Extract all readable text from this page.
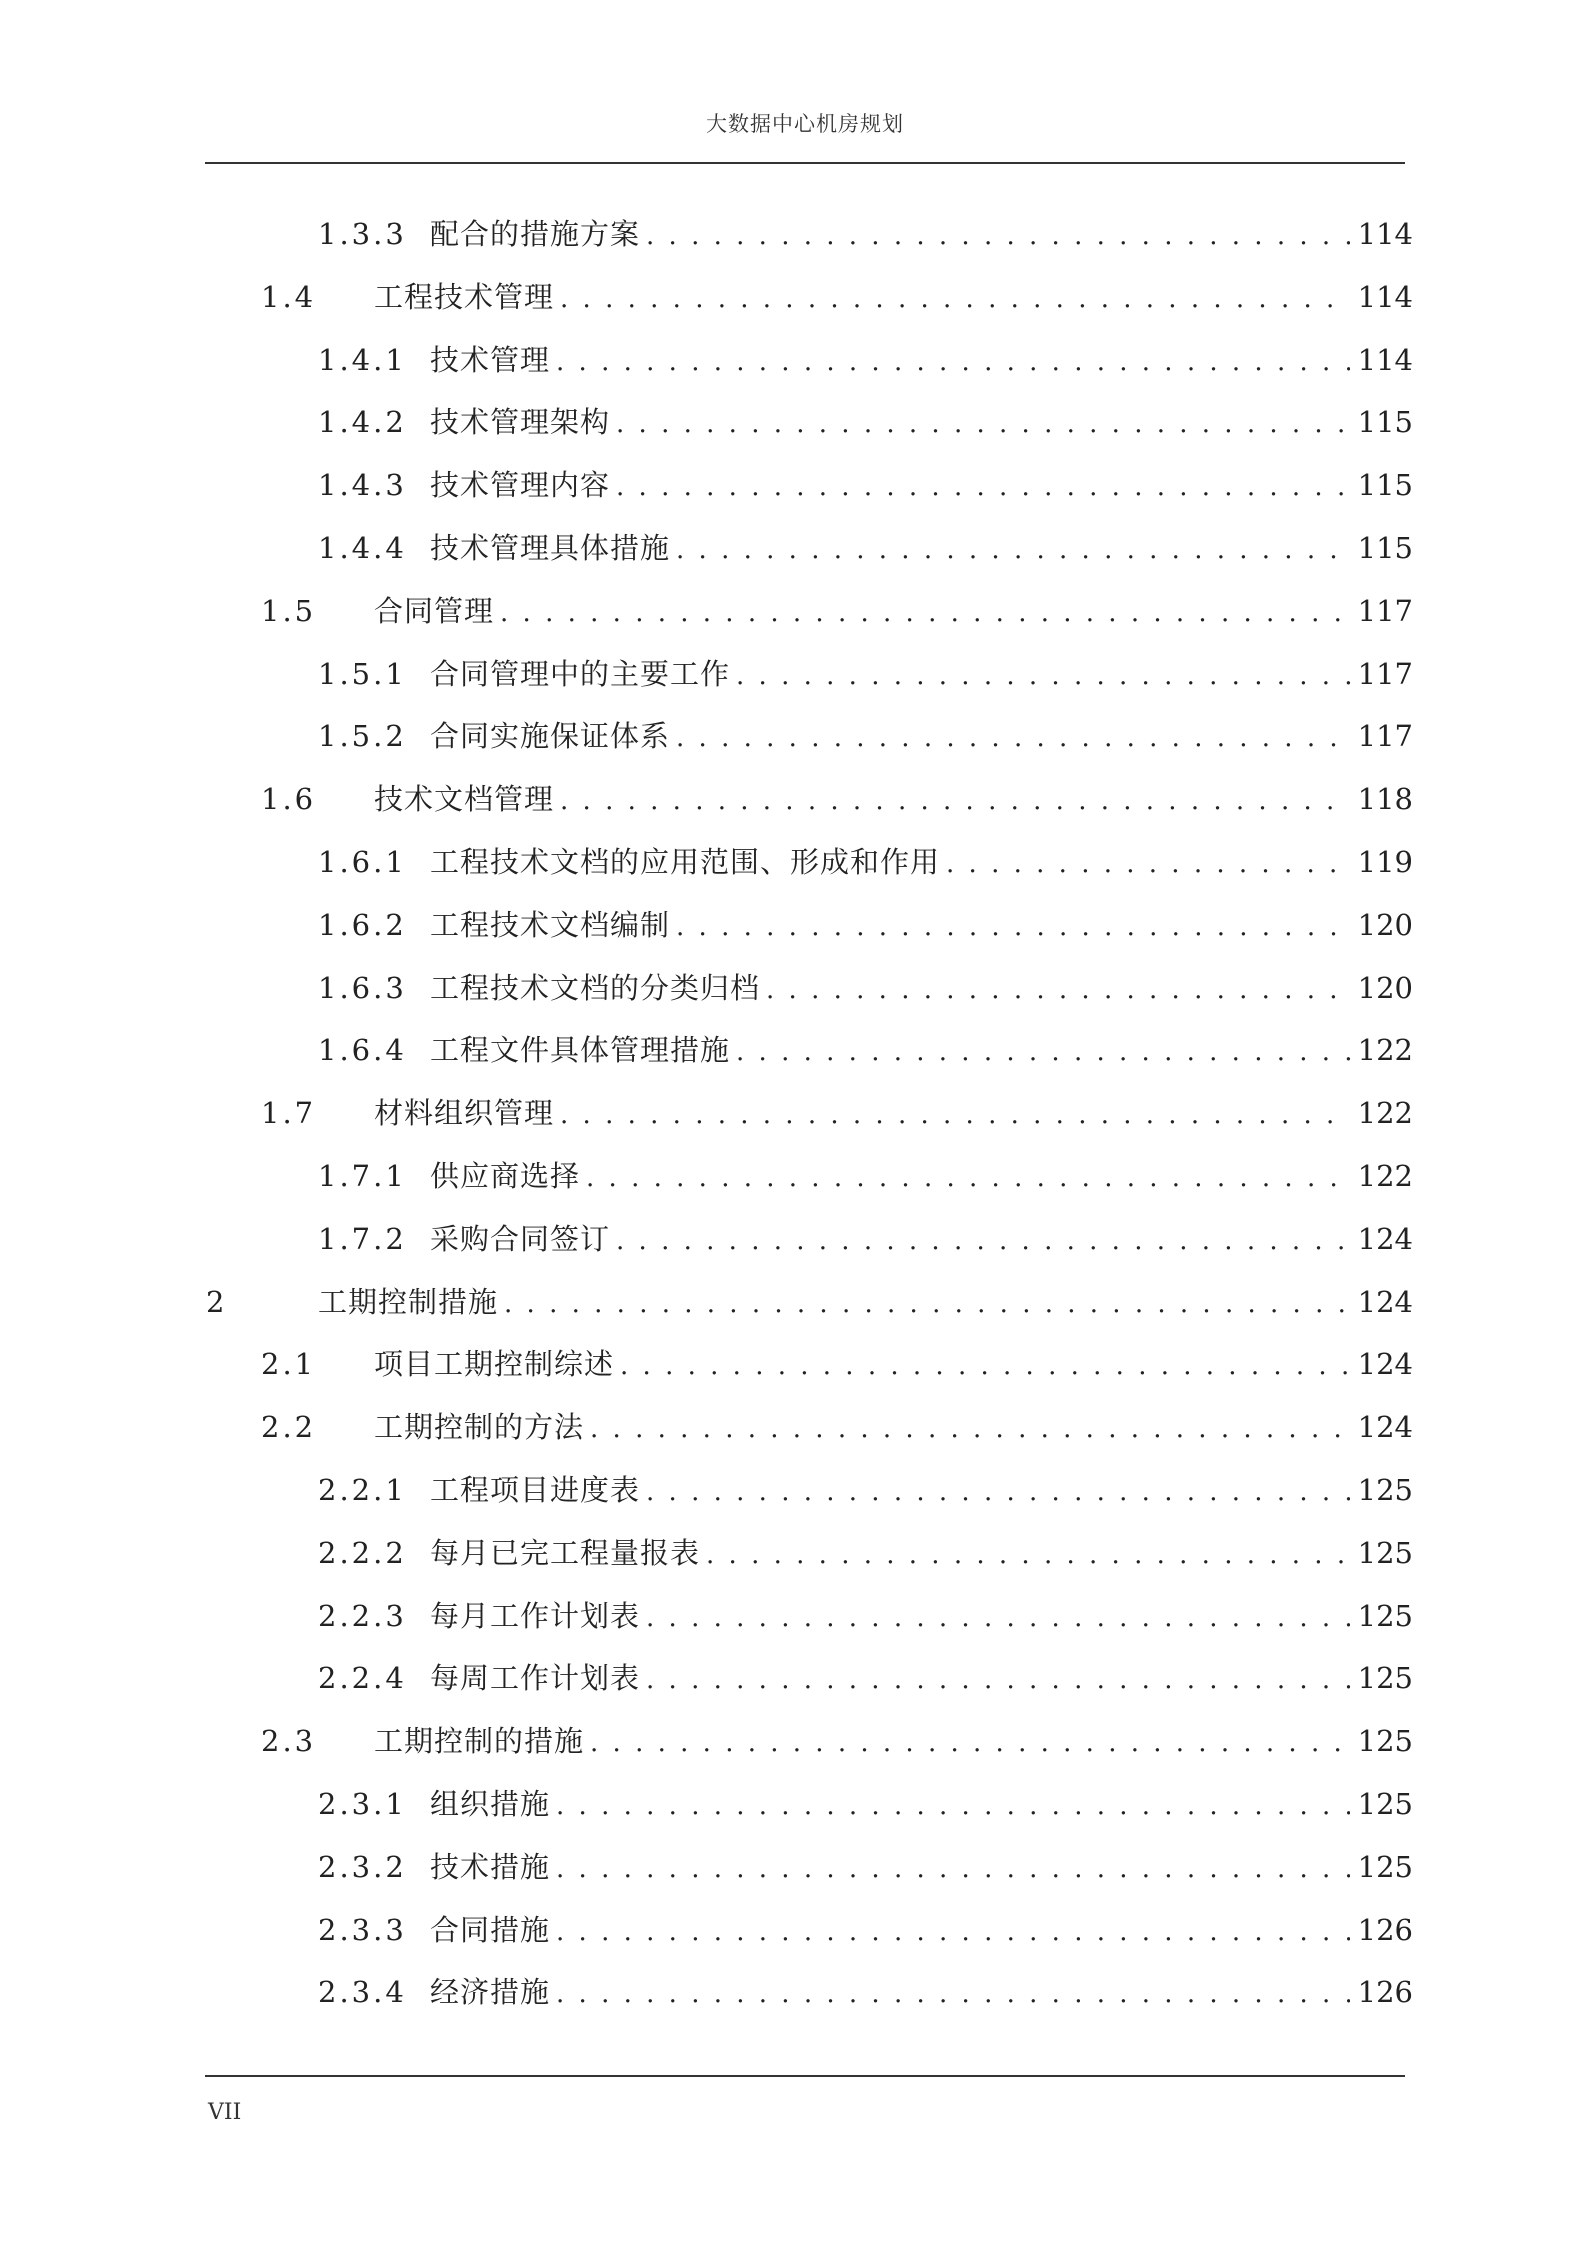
大数据中心机房规划
1.3.3 配合的措施方案 . . .	114
1.4 工程技术管理 . . .	114
1.4.1 技术管理 . . .	114
1.4.2 技术管理架构 . . .	115
1.4.3 技术管理内容 . . .	115
1.4.4 技术管理具体措施 . . .	115
1.5 合同管理 . . .	117
1.5.1 合同管理中的主要工作 . . .	117
1.5.2 合同实施保证体系 . . .	117
1.6 技术文档管理 . . .	118
1.6.1 工程技术文档的应用范围、形成和作用 . . .	119
1.6.2 工程技术文档编制 . . .	120
1.6.3 工程技术文档的分类归档 . . .	120
1.6.4 工程文件具体管理措施 . . .	122
1.7 材料组织管理 . . .	122
1.7.1 供应商选择 . . .	122
1.7.2 采购合同签订 . . .	124
2	工期控制措施 . . .	124
2.1 项目工期控制综述 . . .	124
2.2 工期控制的方法 . . .	124
2.2.1 工程项目进度表 . . .	125
2.2.2 每月已完工程量报表 . . .	125
2.2.3 每月工作计划表 . . .	125
2.2.4 每周工作计划表 . . .	125
2.3 工期控制的措施 . . .	125
2.3.1 组织措施 . . .	125
2.3.2 技术措施 . . .	125
2.3.3 合同措施 . . .	126
2.3.4 经济措施 . . .	126
VII
